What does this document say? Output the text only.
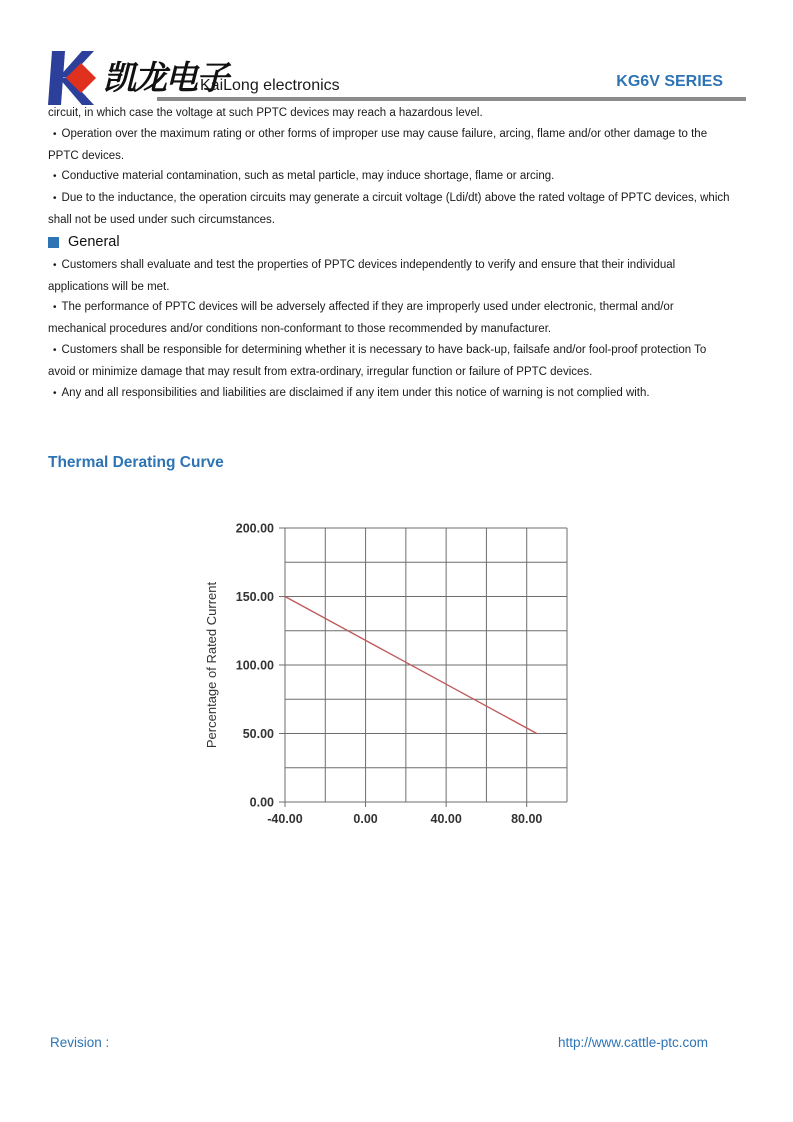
凯龙电子
KaiLong electronics	KG6V SERIES

circuit, in which case the voltage at such PPTC devices may reach a hazardous level.

• Operation over the maximum rating or other forms of improper use may cause failure, arcing, flame and/or other damage to the PPTC devices.

• Conductive material contamination, such as metal particle, may induce shortage, flame or arcing.

• Due to the inductance, the operation circuits may generate a circuit voltage (Ldi/dt) above the rated voltage of PPTC devices, which shall not be used under such circumstances.

General

• Customers shall evaluate and test the properties of PPTC devices independently to verify and ensure that their individual applications will be met.

• The performance of PPTC devices will be adversely affected if they are improperly used under electronic, thermal and/or mechanical procedures and/or conditions non-conformant to those recommended by manufacturer.

• Customers shall be responsible for determining whether it is necessary to have back-up, failsafe and/or fool-proof protection To avoid or minimize damage that may result from extra-ordinary, irregular function or failure of PPTC devices.

• Any and all responsibilities and liabilities are disclaimed if any item under this notice of warning is not complied with.

Thermal Derating Curve
-40.00	0.00	40.00	80.00
0.00
50.00
100.00
150.00
200.00
Percentage of Rated Current
Revision :	http://www.cattle-ptc.com
